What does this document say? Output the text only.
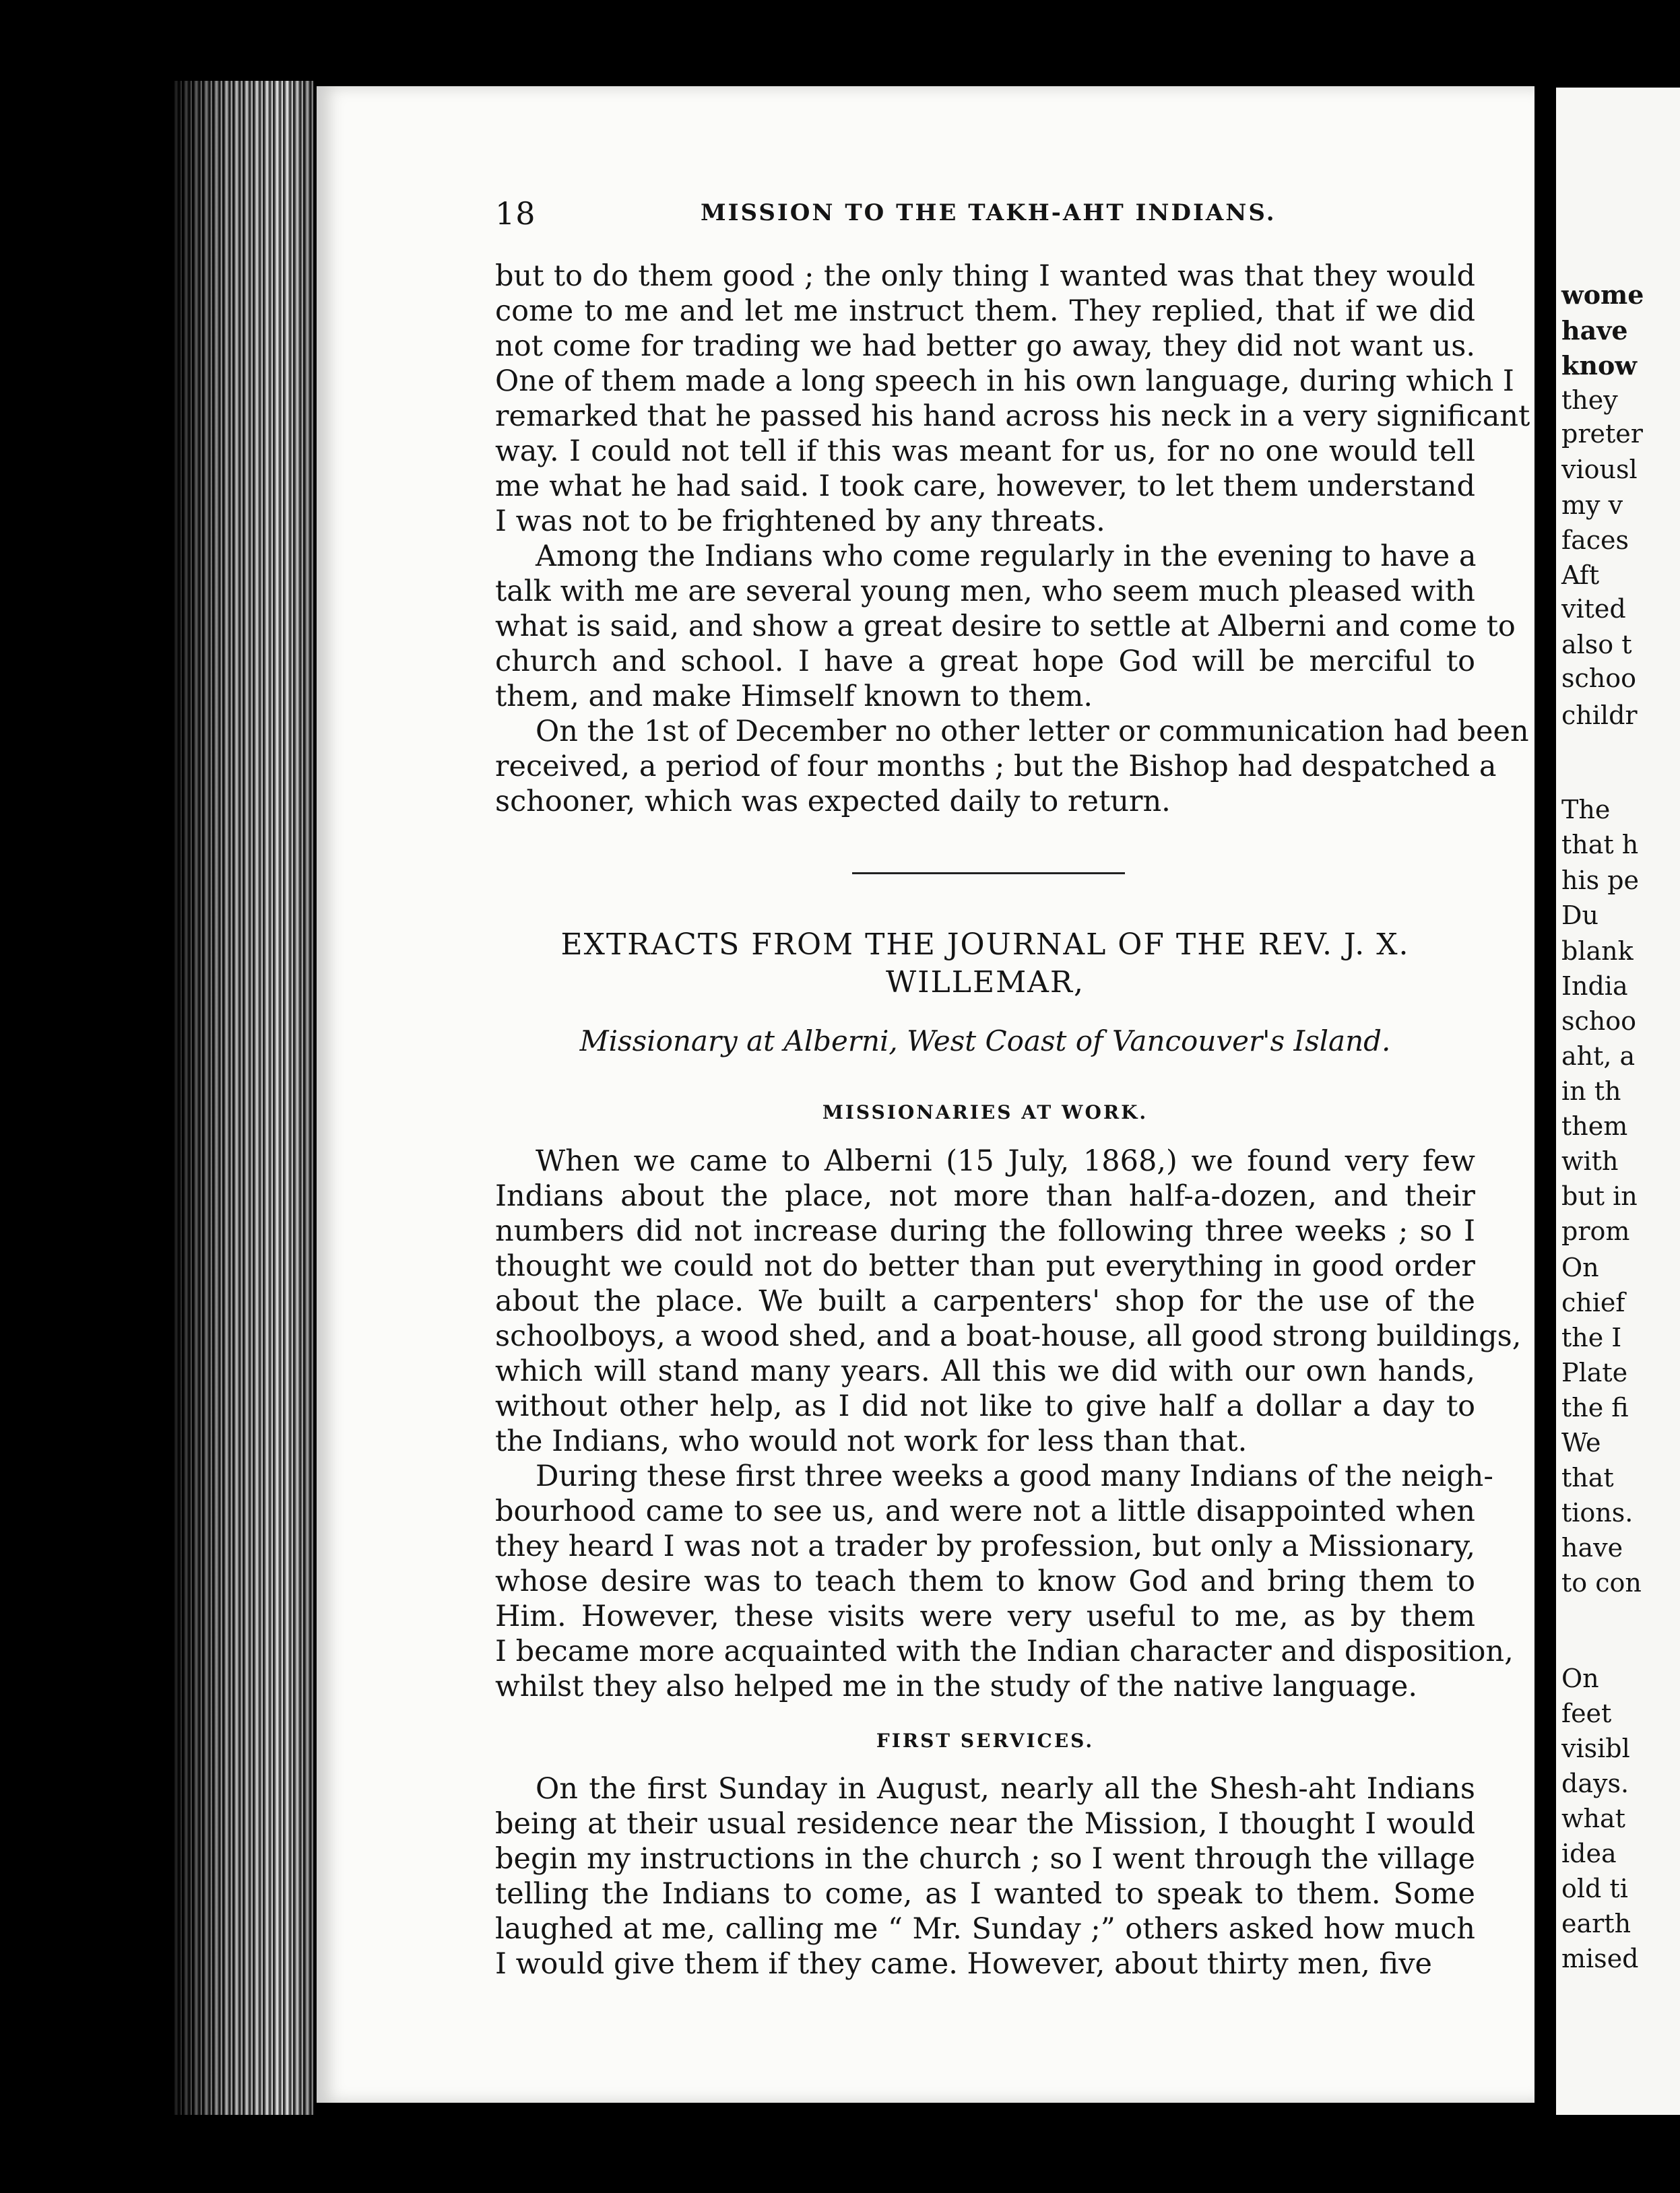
18	MISSION TO THE TAKH-AHT INDIANS.
but to do them good ; the only thing I wanted was that they would
come to me and let me instruct them. They replied, that if we did
not come for trading we had better go away, they did not want us.
One of them made a long speech in his own language, during which I
remarked that he passed his hand across his neck in a very significant
way. I could not tell if this was meant for us, for no one would tell
me what he had said. I took care, however, to let them understand
I was not to be frightened by any threats.
Among the Indians who come regularly in the evening to have a
talk with me are several young men, who seem much pleased with
what is said, and show a great desire to settle at Alberni and come to
church and school. I have a great hope God will be merciful to
them, and make Himself known to them.
On the 1st of December no other letter or communication had been
received, a period of four months ; but the Bishop had despatched a
schooner, which was expected daily to return.
EXTRACTS FROM THE JOURNAL OF THE REV. J. X.
WILLEMAR,
Missionary at Alberni, West Coast of Vancouver's Island.
MISSIONARIES AT WORK.
When we came to Alberni (15 July, 1868,) we found very few
Indians about the place, not more than half-a-dozen, and their
numbers did not increase during the following three weeks ; so I
thought we could not do better than put everything in good order
about the place. We built a carpenters' shop for the use of the
schoolboys, a wood shed, and a boat-house, all good strong buildings,
which will stand many years. All this we did with our own hands,
without other help, as I did not like to give half a dollar a day to
the Indians, who would not work for less than that.
During these first three weeks a good many Indians of the neigh-
bourhood came to see us, and were not a little disappointed when
they heard I was not a trader by profession, but only a Missionary,
whose desire was to teach them to know God and bring them to
Him. However, these visits were very useful to me, as by them
I became more acquainted with the Indian character and disposition,
whilst they also helped me in the study of the native language.
FIRST SERVICES.
On the first Sunday in August, nearly all the Shesh-aht Indians
being at their usual residence near the Mission, I thought I would
begin my instructions in the church ; so I went through the village
telling the Indians to come, as I wanted to speak to them. Some
laughed at me, calling me “ Mr. Sunday ;” others asked how much
I would give them if they came. However, about thirty men, five
wome
have
know
they
preter
viousl
my v
faces
Aft
vited
also t
schoo
childr
The
that h
his pe
Du
blank
India
schoo
aht, a
in th
them
with
but in
prom
On
chief
the I
Plate
the fi
We
that
tions.
have
to con
On
feet
visibl
days.
what
idea
old ti
earth
mised
